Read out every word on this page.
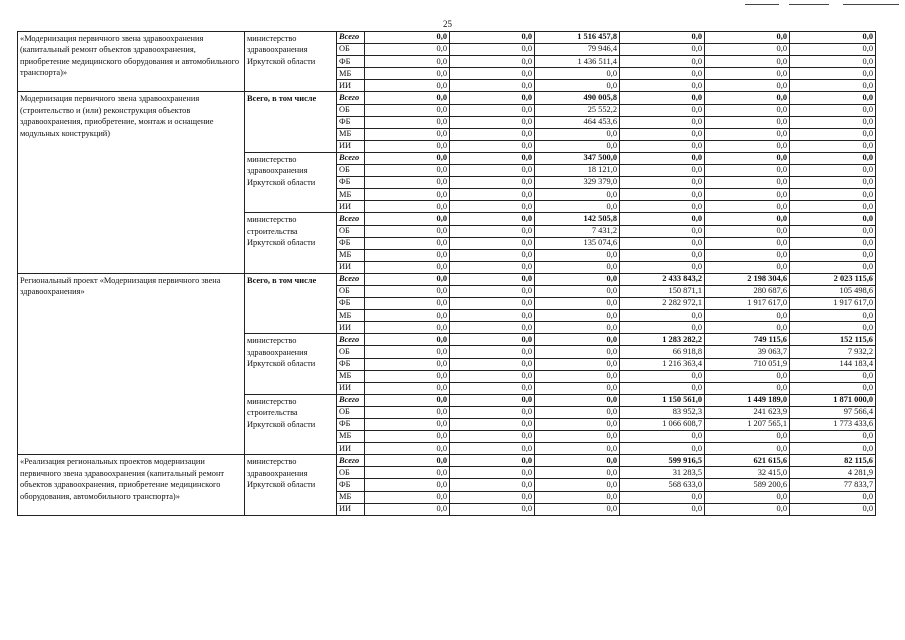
25
«Модернизация первичного звена здравоохранения (капитальный ремонт объектов здравоохранения, приобретение медицинского оборудования и автомобильного транспорта)»	министерство здравоохранения Иркутской области	Всего	0,0	0,0	1 516 457,8	0,0	0,0	0,0
		ОБ	0,0	0,0	79 946,4	0,0	0,0	0,0
		ФБ	0,0	0,0	1 436 511,4	0,0	0,0	0,0
		МБ	0,0	0,0	0,0	0,0	0,0	0,0
		ИИ	0,0	0,0	0,0	0,0	0,0	0,0
Модернизация первичного звена здравоохранения (строительство и (или) реконструкция объектов здравоохранения, приобретение, монтаж и оснащение модульных конструкций)	Всего, в том числе	Всего	0,0	0,0	490 005,8	0,0	0,0	0,0
		ОБ	0,0	0,0	25 552,2	0,0	0,0	0,0
		ФБ	0,0	0,0	464 453,6	0,0	0,0	0,0
		МБ	0,0	0,0	0,0	0,0	0,0	0,0
		ИИ	0,0	0,0	0,0	0,0	0,0	0,0
	министерство здравоохранения Иркутской области	Всего	0,0	0,0	347 500,0	0,0	0,0	0,0
		ОБ	0,0	0,0	18 121,0	0,0	0,0	0,0
		ФБ	0,0	0,0	329 379,0	0,0	0,0	0,0
		МБ	0,0	0,0	0,0	0,0	0,0	0,0
		ИИ	0,0	0,0	0,0	0,0	0,0	0,0
	министерство строительства Иркутской области	Всего	0,0	0,0	142 505,8	0,0	0,0	0,0
		ОБ	0,0	0,0	7 431,2	0,0	0,0	0,0
		ФБ	0,0	0,0	135 074,6	0,0	0,0	0,0
		МБ	0,0	0,0	0,0	0,0	0,0	0,0
		ИИ	0,0	0,0	0,0	0,0	0,0	0,0
Региональный проект «Модернизация первичного звена здравоохранения»	Всего, в том числе	Всего	0,0	0,0	0,0	2 433 843,2	2 198 304,6	2 023 115,6
		ОБ	0,0	0,0	0,0	150 871,1	280 687,6	105 498,6
		ФБ	0,0	0,0	0,0	2 282 972,1	1 917 617,0	1 917 617,0
		МБ	0,0	0,0	0,0	0,0	0,0	0,0
		ИИ	0,0	0,0	0,0	0,0	0,0	0,0
	министерство здравоохранения Иркутской области	Всего	0,0	0,0	0,0	1 283 282,2	749 115,6	152 115,6
		ОБ	0,0	0,0	0,0	66 918,8	39 063,7	7 932,2
		ФБ	0,0	0,0	0,0	1 216 363,4	710 051,9	144 183,4
		МБ	0,0	0,0	0,0	0,0	0,0	0,0
		ИИ	0,0	0,0	0,0	0,0	0,0	0,0
	министерство строительства Иркутской области	Всего	0,0	0,0	0,0	1 150 561,0	1 449 189,0	1 871 000,0
		ОБ	0,0	0,0	0,0	83 952,3	241 623,9	97 566,4
		ФБ	0,0	0,0	0,0	1 066 608,7	1 207 565,1	1 773 433,6
		МБ	0,0	0,0	0,0	0,0	0,0	0,0
		ИИ	0,0	0,0	0,0	0,0	0,0	0,0
«Реализация региональных проектов модернизации первичного звена здравоохранения (капитальный ремонт объектов здравоохранения, приобретение медицинского оборудования, автомобильного транспорта)»	министерство здравоохранения Иркутской области	Всего	0,0	0,0	0,0	599 916,5	621 615,6	82 115,6
		ОБ	0,0	0,0	0,0	31 283,5	32 415,0	4 281,9
		ФБ	0,0	0,0	0,0	568 633,0	589 200,6	77 833,7
		МБ	0,0	0,0	0,0	0,0	0,0	0,0
		ИИ	0,0	0,0	0,0	0,0	0,0	0,0
